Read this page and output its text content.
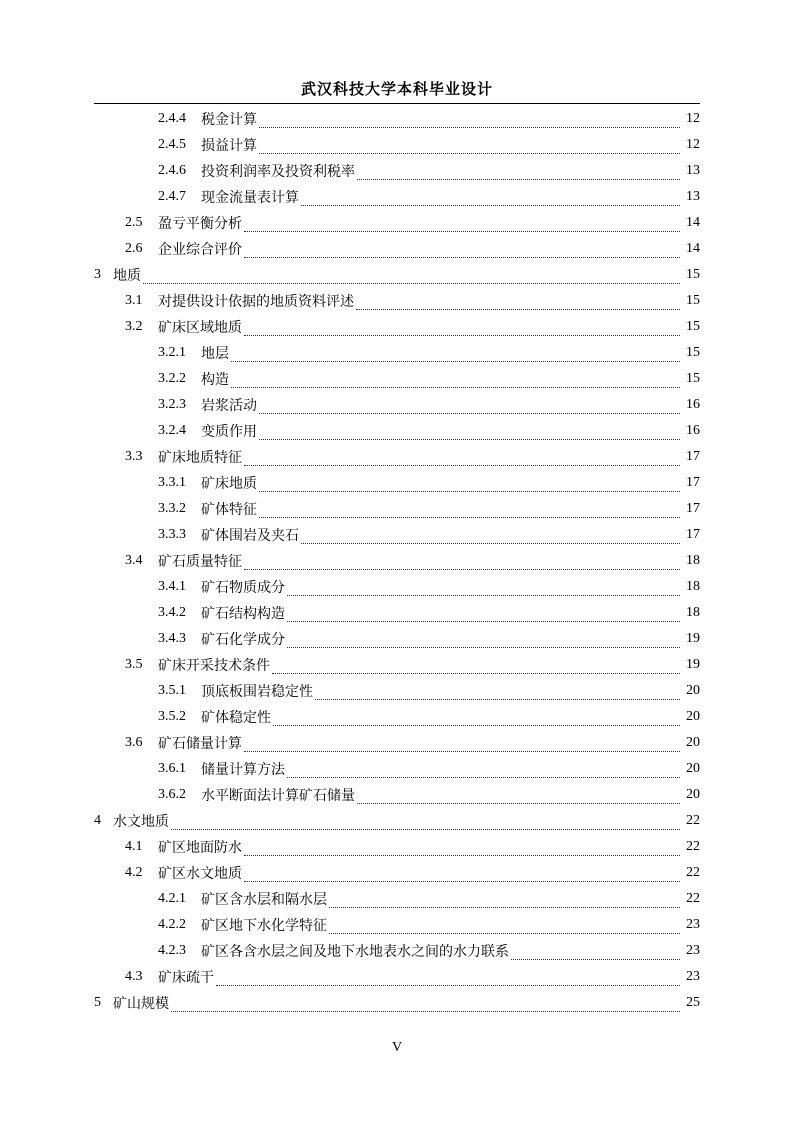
武汉科技大学本科毕业设计
2.4.4	税金计算	12
2.4.5	损益计算	12
2.4.6	投资利润率及投资利税率	13
2.4.7	现金流量表计算	13
2.5	盈亏平衡分析	14
2.6	企业综合评价	14
3 地质	15
3.1	对提供设计依据的地质资料评述	15
3.2	矿床区域地质	15
3.2.1	地层	15
3.2.2	构造	15
3.2.3	岩浆活动	16
3.2.4	变质作用	16
3.3	矿床地质特征	17
3.3.1	矿床地质	17
3.3.2	矿体特征	17
3.3.3	矿体围岩及夹石	17
3.4	矿石质量特征	18
3.4.1	矿石物质成分	18
3.4.2	矿石结构构造	18
3.4.3	矿石化学成分	19
3.5	矿床开采技术条件	19
3.5.1	顶底板围岩稳定性	20
3.5.2	矿体稳定性	20
3.6	矿石储量计算	20
3.6.1	储量计算方法	20
3.6.2	水平断面法计算矿石储量	20
4 水文地质	22
4.1	矿区地面防水	22
4.2	矿区水文地质	22
4.2.1	矿区含水层和隔水层	22
4.2.2	矿区地下水化学特征	23
4.2.3	矿区各含水层之间及地下水地表水之间的水力联系	23
4.3	矿床疏干	23
5 矿山规模	25
V
